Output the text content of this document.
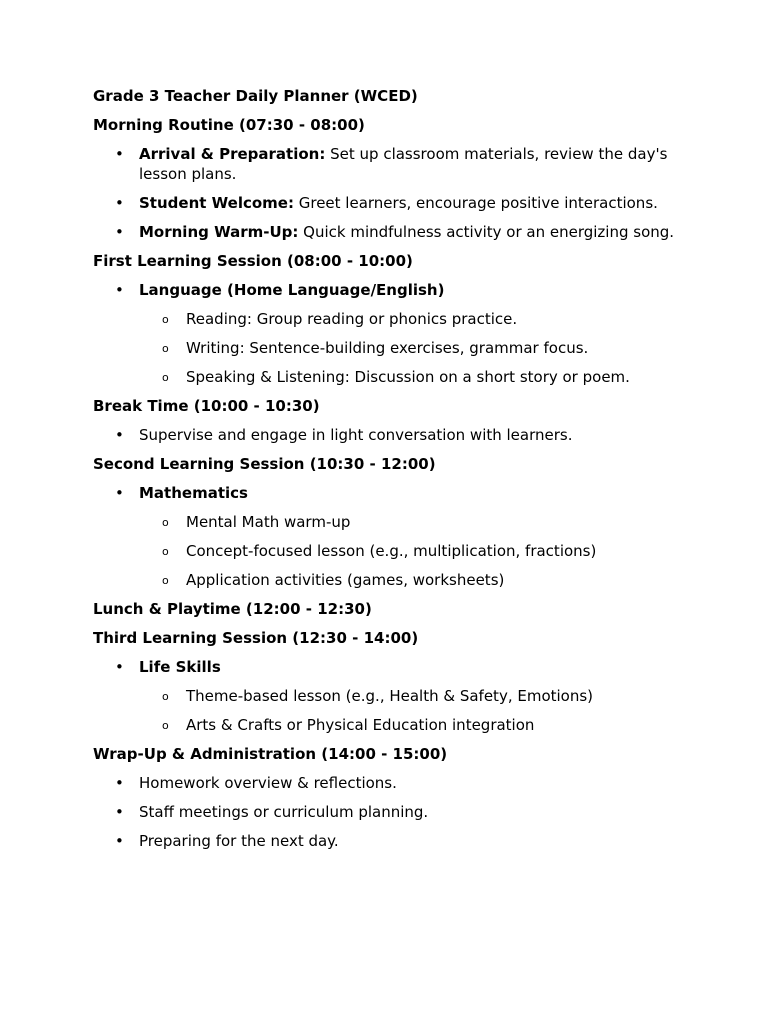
Grade 3 Teacher Daily Planner (WCED)
Morning Routine (07:30 - 08:00)
• Arrival & Preparation: Set up classroom materials, review the day's lesson plans.
• Student Welcome: Greet learners, encourage positive interactions.
• Morning Warm-Up: Quick mindfulness activity or an energizing song.
First Learning Session (08:00 - 10:00)
• Language (Home Language/English)
o Reading: Group reading or phonics practice.
o Writing: Sentence-building exercises, grammar focus.
o Speaking & Listening: Discussion on a short story or poem.
Break Time (10:00 - 10:30)
• Supervise and engage in light conversation with learners.
Second Learning Session (10:30 - 12:00)
• Mathematics
o Mental Math warm-up
o Concept-focused lesson (e.g., multiplication, fractions)
o Application activities (games, worksheets)
Lunch & Playtime (12:00 - 12:30)
Third Learning Session (12:30 - 14:00)
• Life Skills
o Theme-based lesson (e.g., Health & Safety, Emotions)
o Arts & Crafts or Physical Education integration
Wrap-Up & Administration (14:00 - 15:00)
• Homework overview & reflections.
• Staff meetings or curriculum planning.
• Preparing for the next day.
